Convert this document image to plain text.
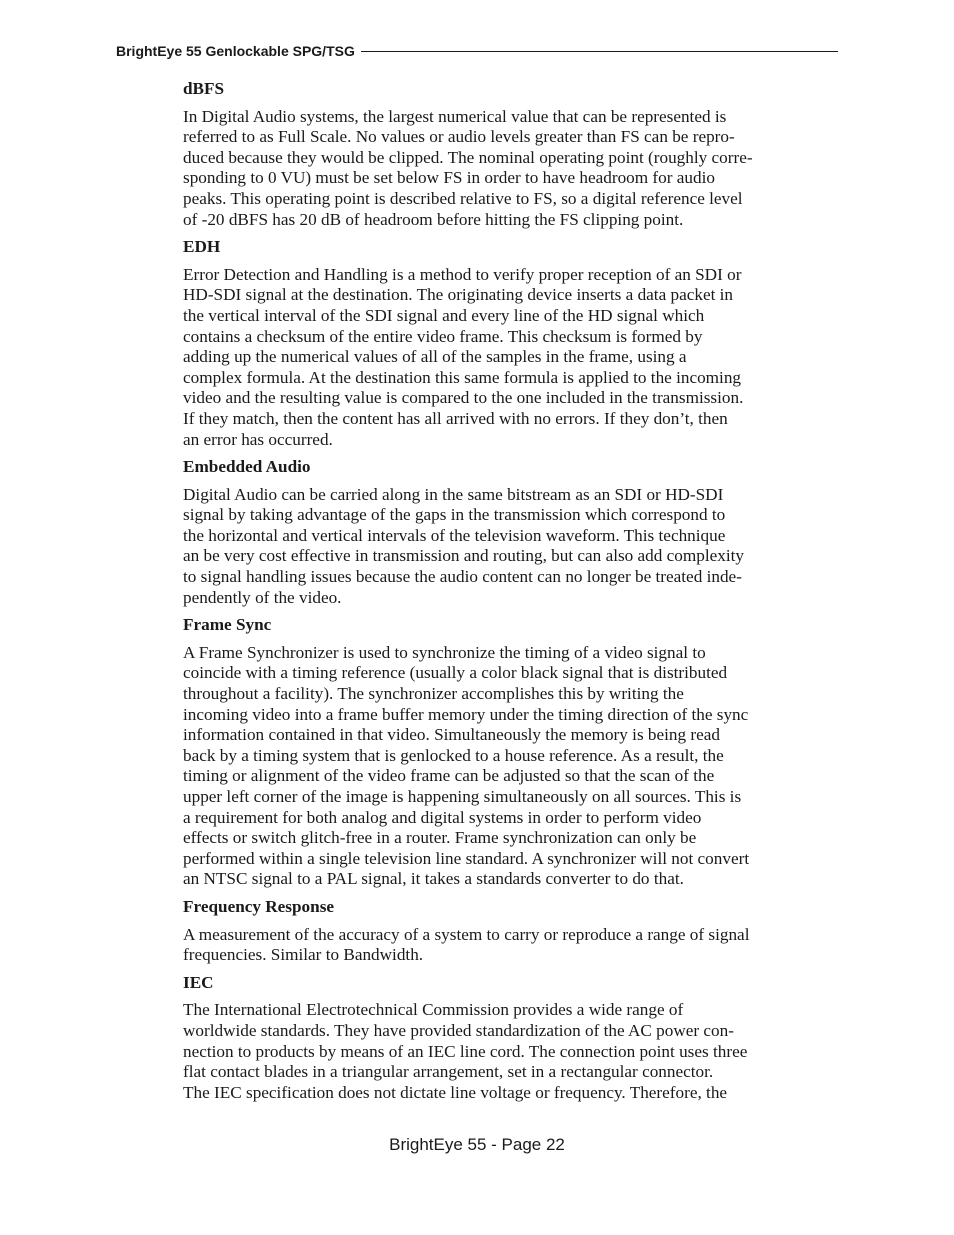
BrightEye 55 Genlockable SPG/TSG

dBFS

In Digital Audio systems, the largest numerical value that can be represented is
referred to as Full Scale. No values or audio levels greater than FS can be repro-
duced because they would be clipped. The nominal operating point (roughly corre-
sponding to 0 VU) must be set below FS in order to have headroom for audio
peaks. This operating point is described relative to FS, so a digital reference level
of -20 dBFS has 20 dB of headroom before hitting the FS clipping point.

EDH

Error Detection and Handling is a method to verify proper reception of an SDI or
HD-SDI signal at the destination. The originating device inserts a data packet in
the vertical interval of the SDI signal and every line of the HD signal which
contains a checksum of the entire video frame. This checksum is formed by
adding up the numerical values of all of the samples in the frame, using a
complex formula. At the destination this same formula is applied to the incoming
video and the resulting value is compared to the one included in the transmission.
If they match, then the content has all arrived with no errors. If they don’t, then
an error has occurred.

Embedded Audio

Digital Audio can be carried along in the same bitstream as an SDI or HD-SDI
signal by taking advantage of the gaps in the transmission which correspond to
the horizontal and vertical intervals of the television waveform. This technique
an be very cost effective in transmission and routing, but can also add complexity
to signal handling issues because the audio content can no longer be treated inde-
pendently of the video.

Frame Sync

A Frame Synchronizer is used to synchronize the timing of a video signal to
coincide with a timing reference (usually a color black signal that is distributed
throughout a facility). The synchronizer accomplishes this by writing the
incoming video into a frame buffer memory under the timing direction of the sync
information contained in that video. Simultaneously the memory is being read
back by a timing system that is genlocked to a house reference. As a result, the
timing or alignment of the video frame can be adjusted so that the scan of the
upper left corner of the image is happening simultaneously on all sources. This is
a requirement for both analog and digital systems in order to perform video
effects or switch glitch-free in a router. Frame synchronization can only be
performed within a single television line standard. A synchronizer will not convert
an NTSC signal to a PAL signal, it takes a standards converter to do that.

Frequency Response

A measurement of the accuracy of a system to carry or reproduce a range of signal
frequencies. Similar to Bandwidth.

IEC

The International Electrotechnical Commission provides a wide range of
worldwide standards. They have provided standardization of the AC power con-
nection to products by means of an IEC line cord. The connection point uses three
flat contact blades in a triangular arrangement, set in a rectangular connector.
The IEC specification does not dictate line voltage or frequency. Therefore, the

BrightEye 55 - Page 22
